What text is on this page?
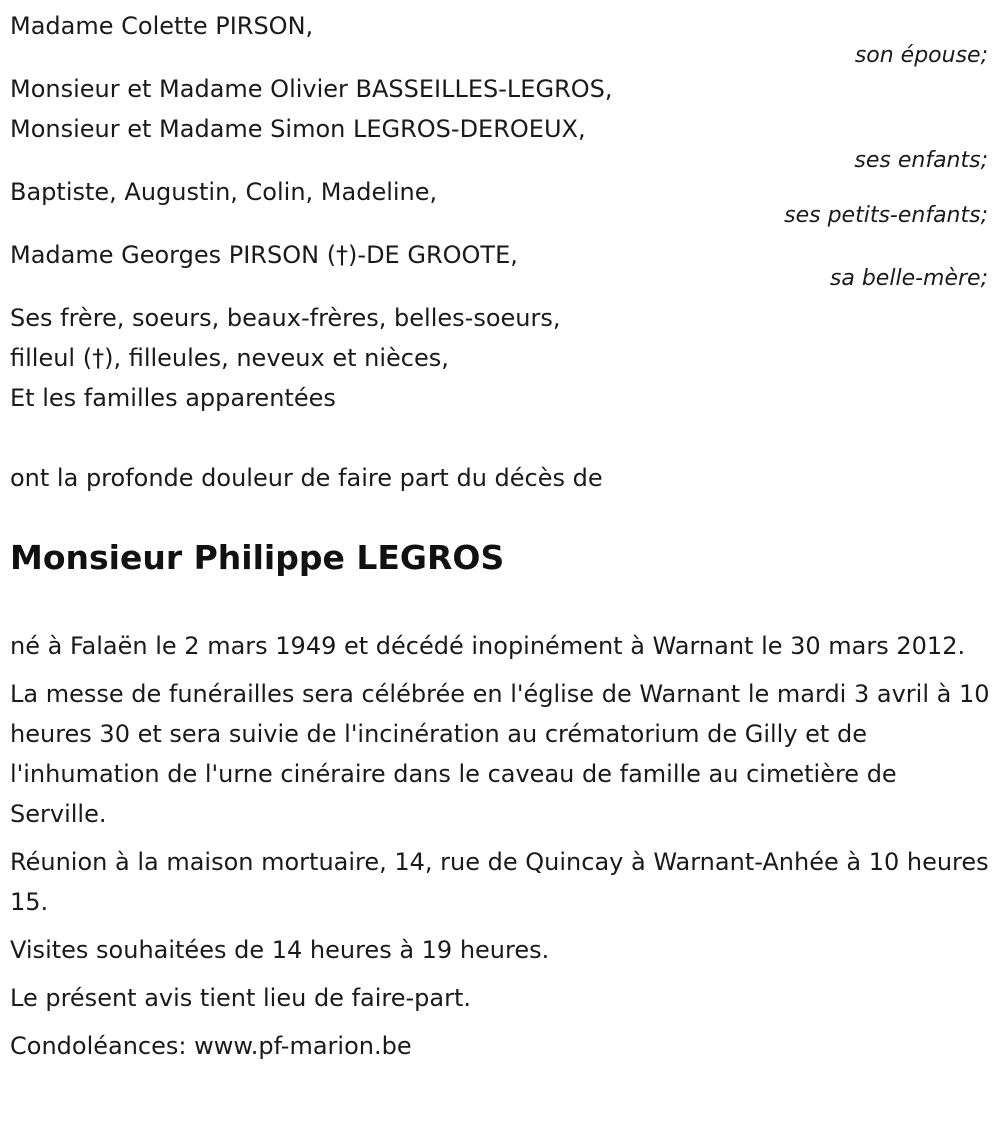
Madame Colette PIRSON,
son épouse;
Monsieur et Madame Olivier BASSEILLES-LEGROS,
Monsieur et Madame Simon LEGROS-DEROEUX,
ses enfants;
Baptiste, Augustin, Colin, Madeline,
ses petits-enfants;
Madame Georges PIRSON (†)-DE GROOTE,
sa belle-mère;
Ses frère, soeurs, beaux-frères, belles-soeurs,
filleul (†), filleules, neveux et nièces,
Et les familles apparentées
ont la profonde douleur de faire part du décès de
Monsieur Philippe LEGROS

né à Falaën le 2 mars 1949 et décédé inopinément à Warnant le 30 mars 2012.

La messe de funérailles sera célébrée en l'église de Warnant le mardi 3 avril à 10 heures 30 et sera suivie de l'incinération au crématorium de Gilly et de l'inhumation de l'urne cinéraire dans le caveau de famille au cimetière de Serville.

Réunion à la maison mortuaire, 14, rue de Quincay à Warnant-Anhée à 10 heures 15.

Visites souhaitées de 14 heures à 19 heures.

Le présent avis tient lieu de faire-part.

Condoléances: www.pf-marion.be
